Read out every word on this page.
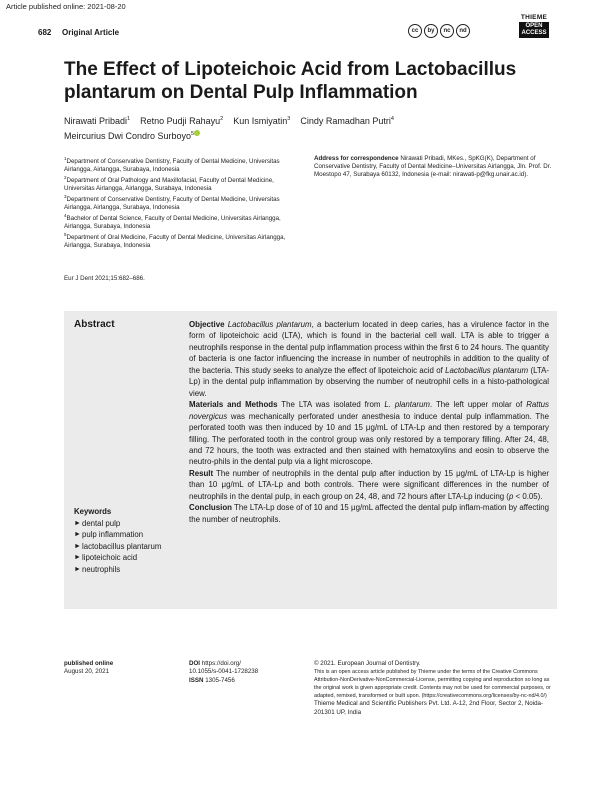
Article published online: 2021-08-20
682 Original Article	cc	by	nc	nd
THIEME
OPEN
ACCESS
The Effect of Lipoteichoic Acid from Lactobacillus plantarum on Dental Pulp Inflammation
Nirawati Pribadi$^1$ Retno Pudji Rahayu$^2$ Kun Ismiyatin$^3$ Cindy Ramadhan Putri$^4$
Meircurius Dwi Condro Surboyo$^5$
$^1$Department of Conservative Dentistry, Faculty of Dental Medicine, Universitas Airlangga, Airlangga, Surabaya, Indonesia
$^2$Department of Oral Pathology and Maxillofacial, Faculty of Dental Medicine, Universitas Airlangga, Airlangga, Surabaya, Indonesia
$^3$Department of Conservative Dentistry, Faculty of Dental Medicine, Universitas Airlangga, Airlangga, Surabaya, Indonesia
$^4$Bachelor of Dental Science, Faculty of Dental Medicine, Universitas Airlangga, Airlangga, Surabaya, Indonesia
$^5$Department of Oral Medicine, Faculty of Dental Medicine, Universitas Airlangga, Airlangga, Surabaya, Indonesia
Address for correspondence Nirawati Pribadi, MKes., SpKG(K), Department of Conservative Dentistry, Faculty of Dental Medicine–Universitas Airlangga, Jln. Prof. Dr. Moestopo 47, Surabaya 60132, Indonesia (e-mail: nirawati-p@fkg.unair.ac.id).
Eur J Dent 2021;15:682–686.
Abstract	Objective Lactobacillus plantarum, a bacterium located in deep caries, has a virulence factor in the form of lipoteichoic acid (LTA), which is found in the bacterial cell wall. LTA is able to trigger a neutrophils response in the dental pulp inflammation process within the first 6 to 24 hours. The quantity of bacteria is one factor influencing the increase in number of neutrophils in addition to the quality of the bacteria. This study seeks to analyze the effect of lipoteichoic acid of Lactobacillus plantarum (LTA-Lp) in the dental pulp inflammation by observing the number of neutrophil cells in a histo-pathological view.

Materials and Methods The LTA was isolated from L. plantarum. The left upper molar of Rattus novergicus was mechanically perforated under anesthesia to induce dental pulp inflammation. The perforated tooth was then induced by 10 and 15 μg/mL of LTA-Lp and then restored by a temporary filling. The perforated tooth in the control group was only restored by a temporary filling. After 24, 48, and 72 hours, the tooth was extracted and then stained with hematoxylins and eosin to observe the neutro-phils in the dental pulp via a light microscope.

Result The number of neutrophils in the dental pulp after induction by 15 μg/mL of LTA-Lp is higher than 10 μg/mL of LTA-Lp and both controls. There were significant differences in the number of neutrophils in the dental pulp, in each group on 24, 48, and 72 hours after LTA-Lp inducing (p < 0.05).

Conclusion The LTA-Lp dose of of 10 and 15 μg/mL affected the dental pulp inflam-mation by affecting the number of neutrophils.

Keywords
► dental pulp
► pulp inflammation
► lactobacillus plantarum
► lipoteichoic acid
► neutrophils
published online
August 20, 2021
DOI https://doi.org/
10.1055/s-0041-1728238
ISSN 1305-7456
© 2021. European Journal of Dentistry.
This is an open access article published by Thieme under the terms of the Creative Commons Attribution-NonDerivative-NonCommercial-License, permitting copying and reproduction so long as the original work is given appropriate credit. Contents may not be used for commercial purposes, or adapted, remixed, transformed or built upon. (https://creativecommons.org/licenses/by-nc-nd/4.0/)
Thieme Medical and Scientific Publishers Pvt. Ltd. A-12, 2nd Floor, Sector 2, Noida-201301 UP, India
